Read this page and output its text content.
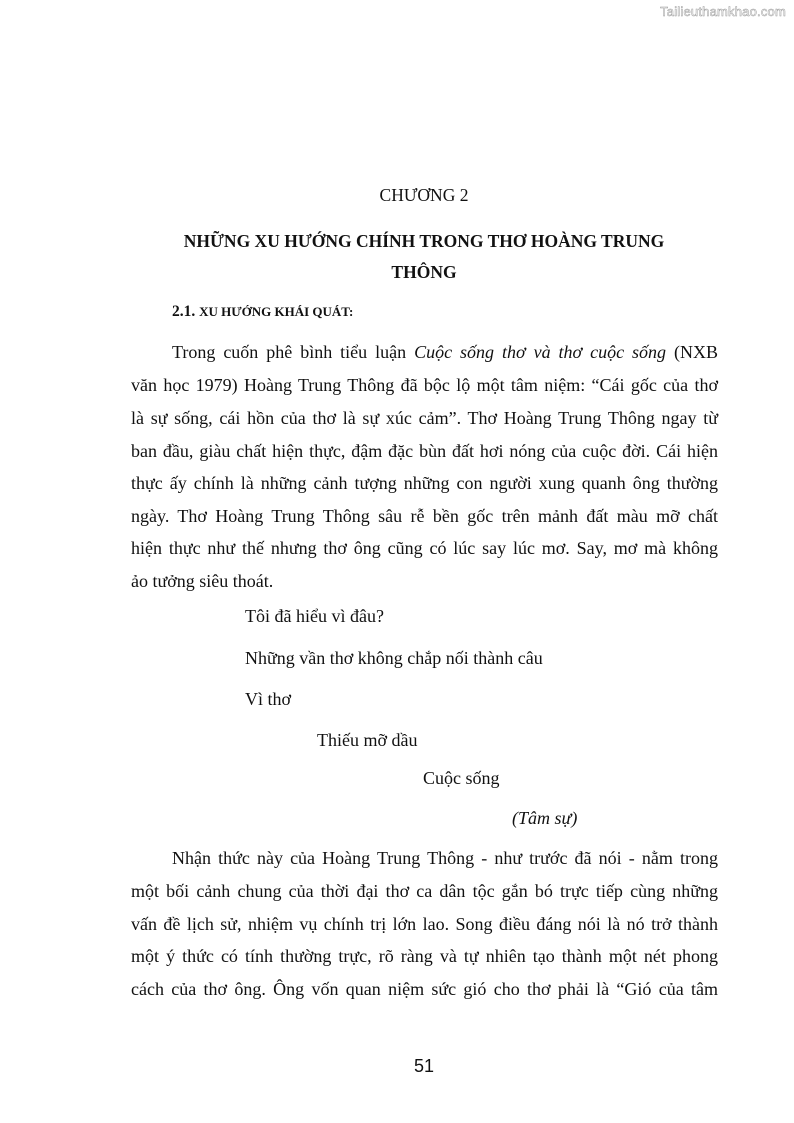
Tailieuthamkhao.com
CHƯƠNG 2
NHỮNG XU HƯỚNG CHÍNH TRONG THƠ HOÀNG TRUNG
THÔNG
2.1. XU HƯỚNG KHÁI QUÁT:
Trong cuốn phê bình tiểu luận Cuộc sống thơ và thơ cuộc sống (NXB
văn học 1979) Hoàng Trung Thông đã bộc lộ một tâm niệm: “Cái gốc của thơ
là sự sống, cái hồn của thơ là sự xúc cảm”. Thơ Hoàng Trung Thông ngay từ
ban đầu, giàu chất hiện thực, đậm đặc bùn đất hơi nóng của cuộc đời. Cái hiện
thực ấy chính là những cảnh tượng những con người xung quanh ông thường
ngày. Thơ Hoàng Trung Thông sâu rễ bền gốc trên mảnh đất màu mỡ chất
hiện thực như thế nhưng thơ ông cũng có lúc say lúc mơ. Say, mơ mà không
ảo tưởng siêu thoát.
Tôi đã hiểu vì đâu?
Những vần thơ không chắp nối thành câu
Vì thơ
Thiếu mỡ dầu
Cuộc sống
(Tâm sự)
Nhận thức này của Hoàng Trung Thông - như trước đã nói - nằm trong
một bối cảnh chung của thời đại thơ ca dân tộc gắn bó trực tiếp cùng những
vấn đề lịch sử, nhiệm vụ chính trị lớn lao. Song điều đáng nói là nó trở thành
một ý thức có tính thường trực, rõ ràng và tự nhiên tạo thành một nét phong
cách của thơ ông. Ông vốn quan niệm sức gió cho thơ phải là “Gió của tâm
51
